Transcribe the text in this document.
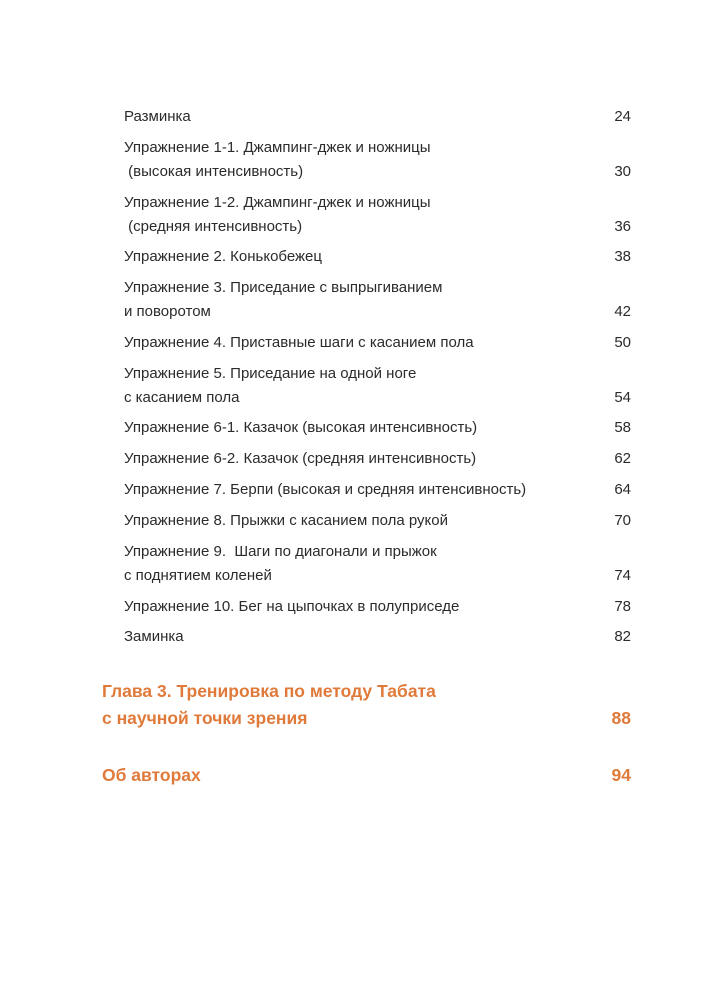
Разминка	24
Упражнение 1-1. Джампинг-джек и ножницы
(высокая интенсивность)	30
Упражнение 1-2. Джампинг-джек и ножницы
(средняя интенсивность)	36
Упражнение 2. Конькобежец	38
Упражнение 3. Приседание с выпрыгиванием
и поворотом	42
Упражнение 4. Приставные шаги с касанием пола	50
Упражнение 5. Приседание на одной ноге
с касанием пола	54
Упражнение 6-1. Казачок (высокая интенсивность)	58
Упражнение 6-2. Казачок (средняя интенсивность)	62
Упражнение 7. Берпи (высокая и средняя интенсивность)	64
Упражнение 8. Прыжки с касанием пола рукой	70
Упражнение 9.  Шаги по диагонали и прыжок
с поднятием коленей	74
Упражнение 10. Бег на цыпочках в полуприседе	78
Заминка	82
Глава 3. Тренировка по методу Табата
с научной точки зрения	88
Об авторах	94
